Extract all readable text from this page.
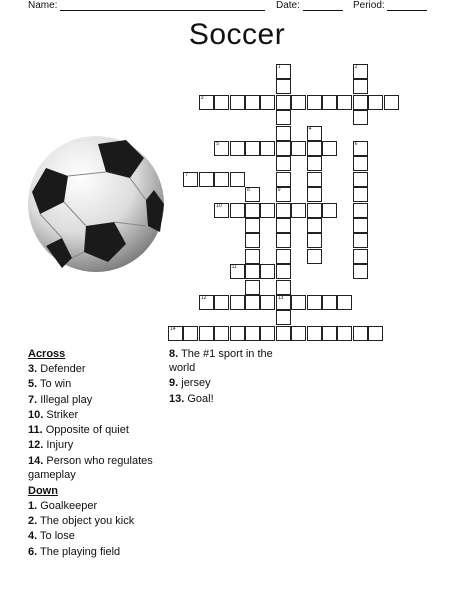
Name:	Date:	Period:
Soccer
3
5
7
10
11
12	13
14
1
9
2
4
6
8
Across
3. Defender
5. To win
7. Illegal play
10. Striker
11. Opposite of quiet
12. Injury
14. Person who regulates gameplay
Down
1. Goalkeeper
2. The object you kick
4. To lose
6. The playing field
8. The #1 sport in the world
9. jersey
13. Goal!
